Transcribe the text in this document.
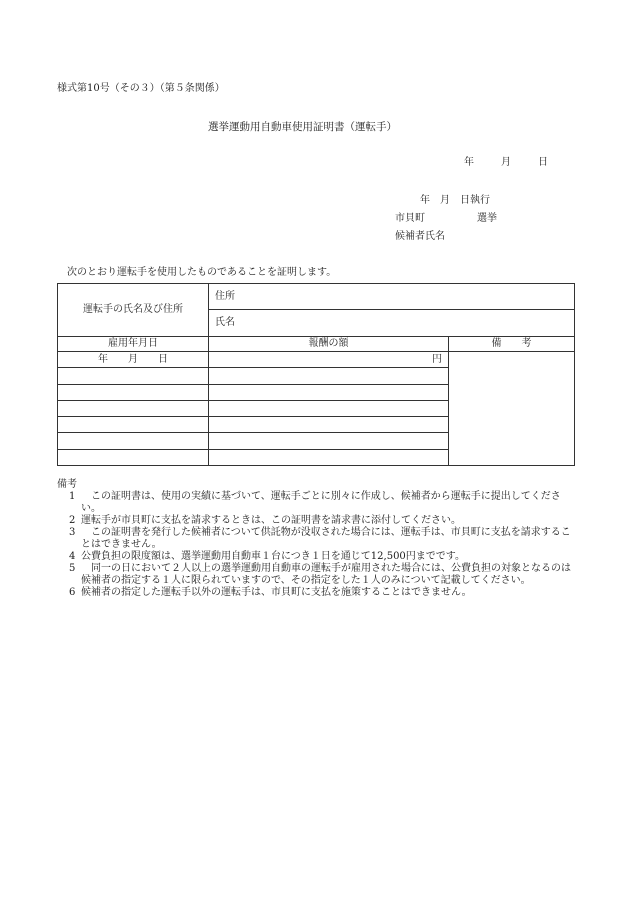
様式第10号（その３）（第５条関係）
選挙運動用自動車使用証明書（運転手）
年	月	日
年　月　日執行
市貝町	選挙
候補者氏名
次のとおり運転手を使用したものであることを証明します。
運転手の氏名及び住所	住所	
	氏名	
雇用年月日	報酬の額	備　　考
年　　月　　日	円	

備考

1　この証明書は、使用の実績に基づいて、運転手ごとに別々に作成し、候補者から運転手に提出してください。

2 運転手が市貝町に支払を請求するときは、この証明書を請求書に添付してください。

3　この証明書を発行した候補者について供託物が没収された場合には、運転手は、市貝町に支払を請求することはできません。

4 公費負担の限度額は、選挙運動用自動車１台につき１日を通じて12,500円までです。

5　同一の日において２人以上の選挙運動用自動車の運転手が雇用された場合には、公費負担の対象となるのは候補者の指定する１人に限られていますので、その指定をした１人のみについて記載してください。

6 候補者の指定した運転手以外の運転手は、市貝町に支払を施策することはできません。
